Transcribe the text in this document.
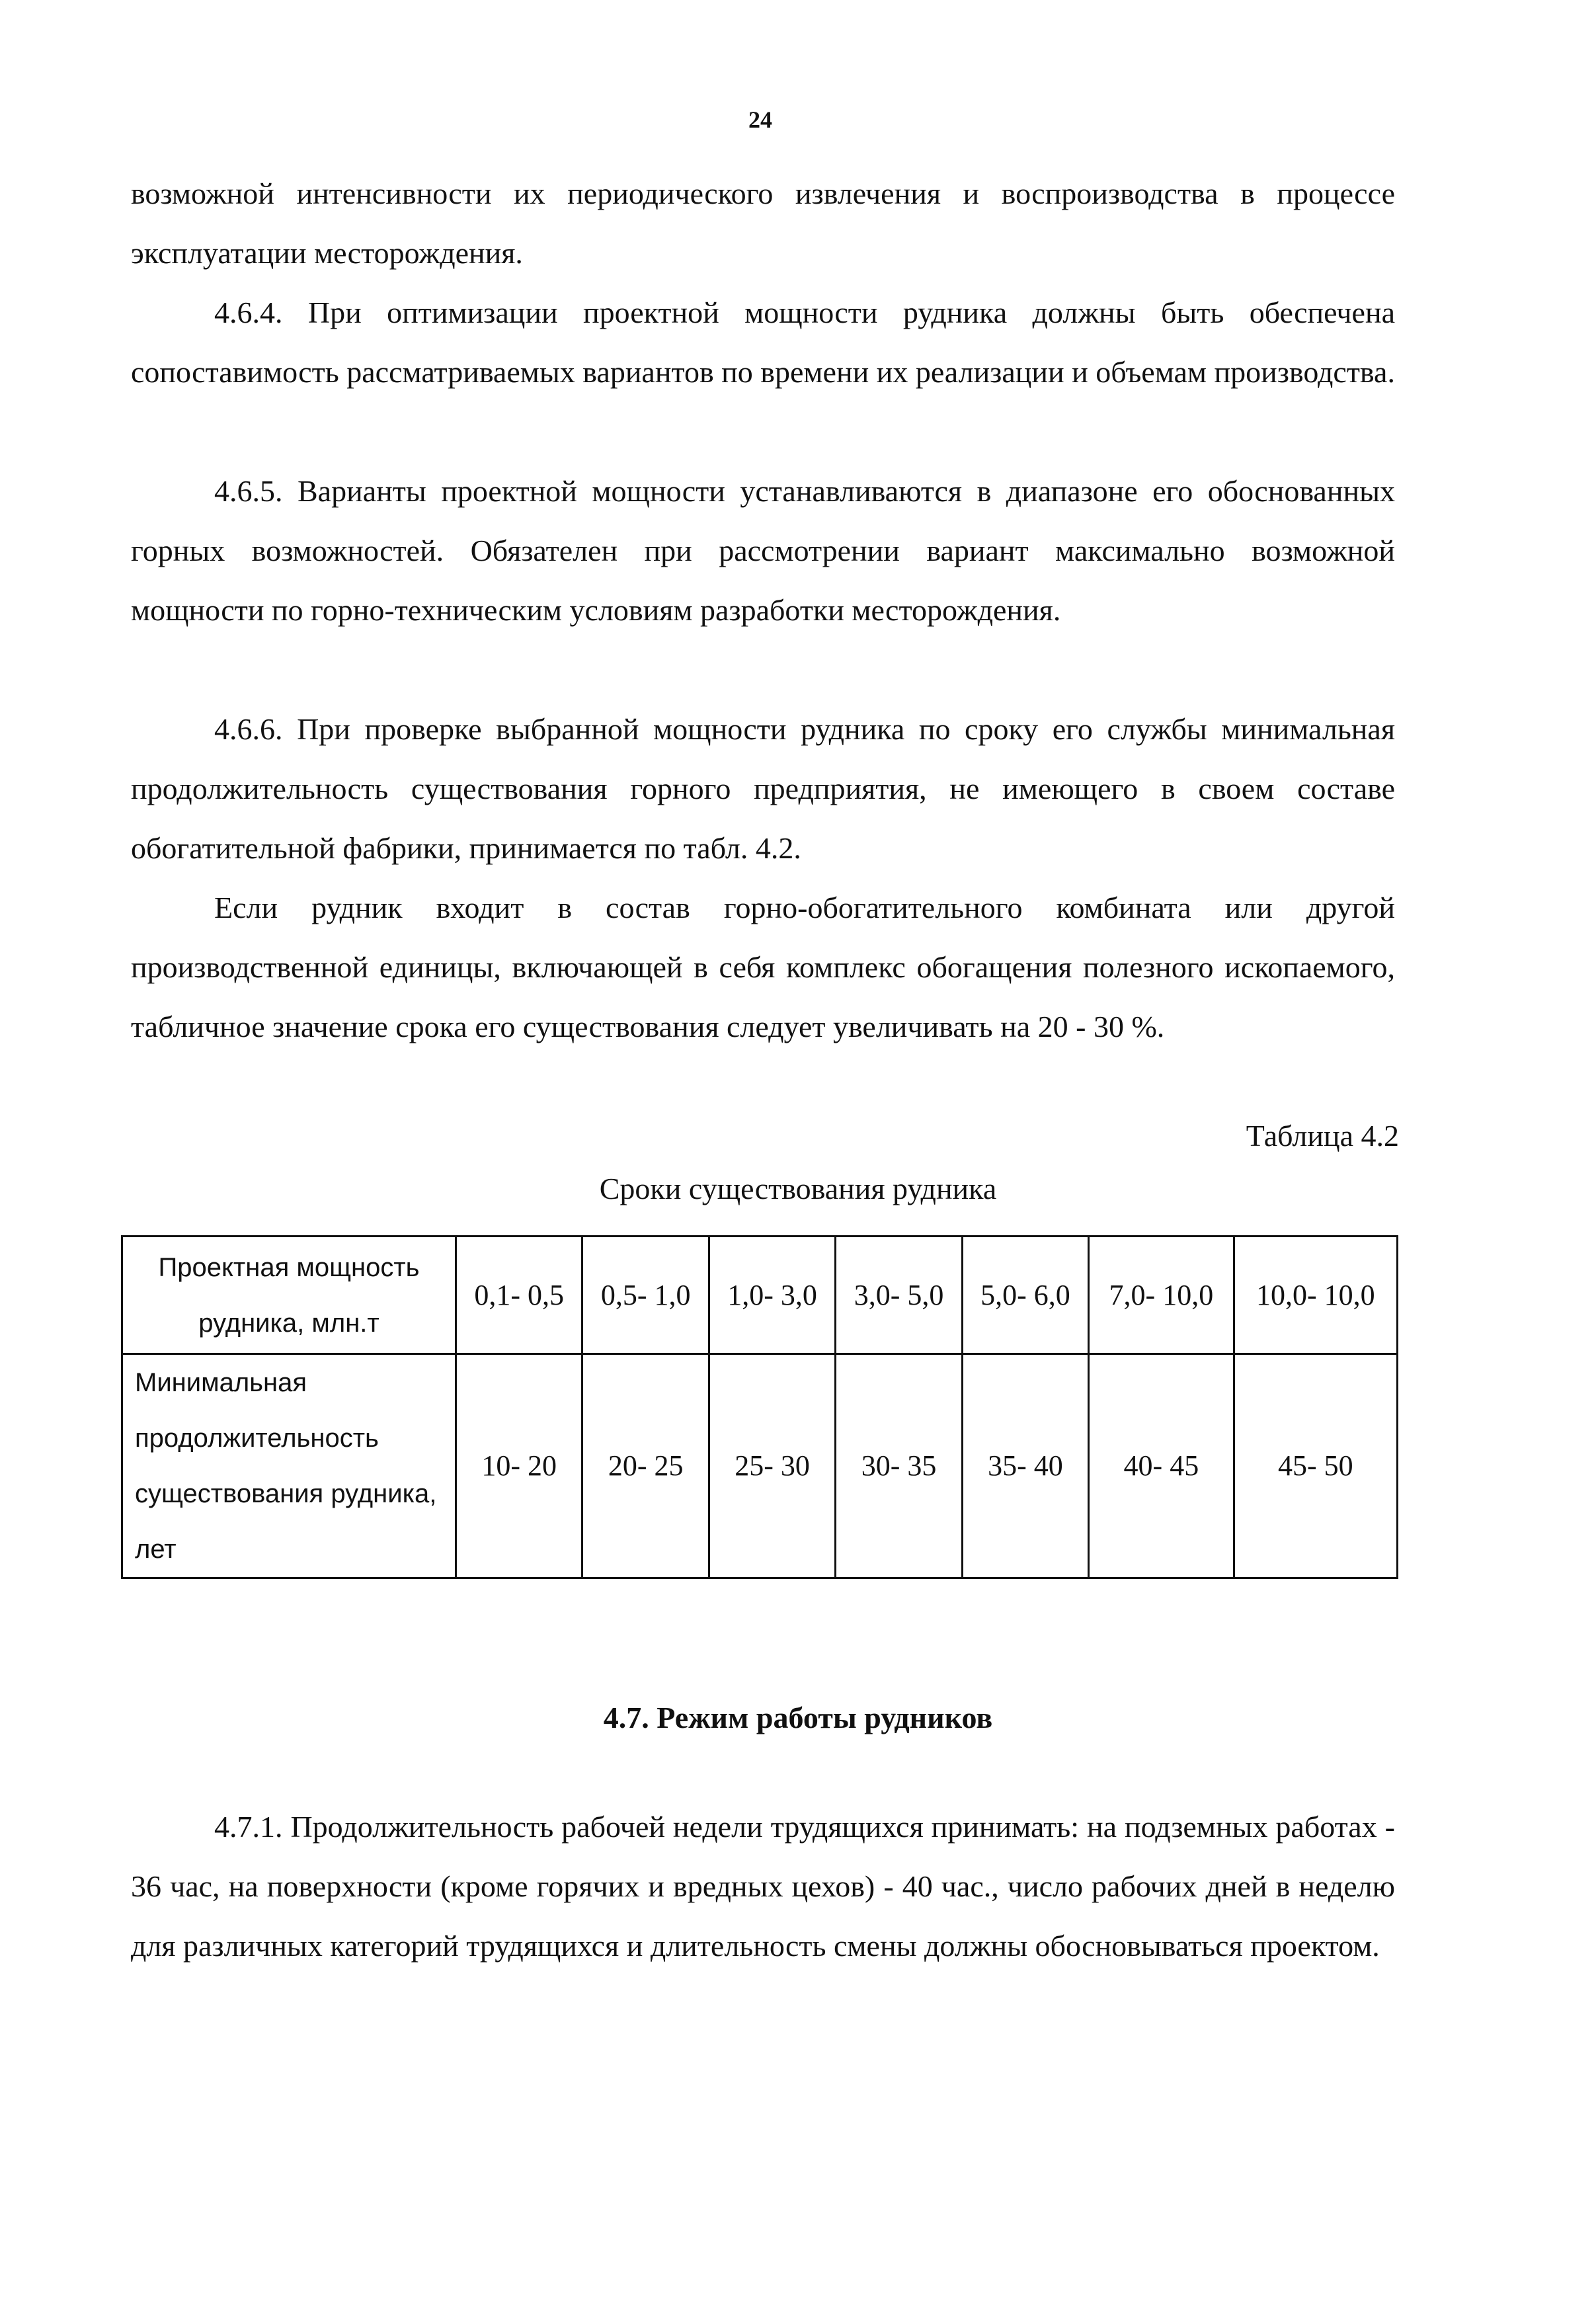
24

возможной интенсивности их периодического извлечения и воспроизводства в процессе эксплуатации месторождения.

4.6.4. При оптимизации проектной мощности рудника должны быть обеспечена сопоставимость рассматриваемых вариантов по времени их реализации и объемам производства.

4.6.5. Варианты проектной мощности устанавливаются в диапазоне его обоснованных горных возможностей. Обязателен при рассмотрении вариант максимально возможной мощности по горно-техническим условиям разработки месторождения.

4.6.6. При проверке выбранной мощности рудника по сроку его службы минимальная продолжительность существования горного предприятия, не имеющего в своем составе обогатительной фабрики, принимается по табл. 4.2.

Если рудник входит в состав горно-обогатительного комбината или другой производственной единицы, включающей в себя комплекс обогащения полезного ископаемого, табличное значение срока его существования следует увеличивать на 20 - 30 %.

Таблица 4.2
Сроки существования рудника
Проектная мощность рудника, млн.т	0,1- 0,5	0,5- 1,0	1,0- 3,0	3,0- 5,0	5,0- 6,0	7,0- 10,0	10,0- 10,0
Минимальная продолжительность существования рудника, лет	10- 20	20- 25	25- 30	30- 35	35- 40	40- 45	45- 50
4.7. Режим работы рудников

4.7.1. Продолжительность рабочей недели трудящихся принимать: на подземных работах - 36 час, на поверхности (кроме горячих и вредных цехов) - 40 час., число рабочих дней в неделю для различных категорий трудящихся и длительность смены должны обосновываться проектом.
